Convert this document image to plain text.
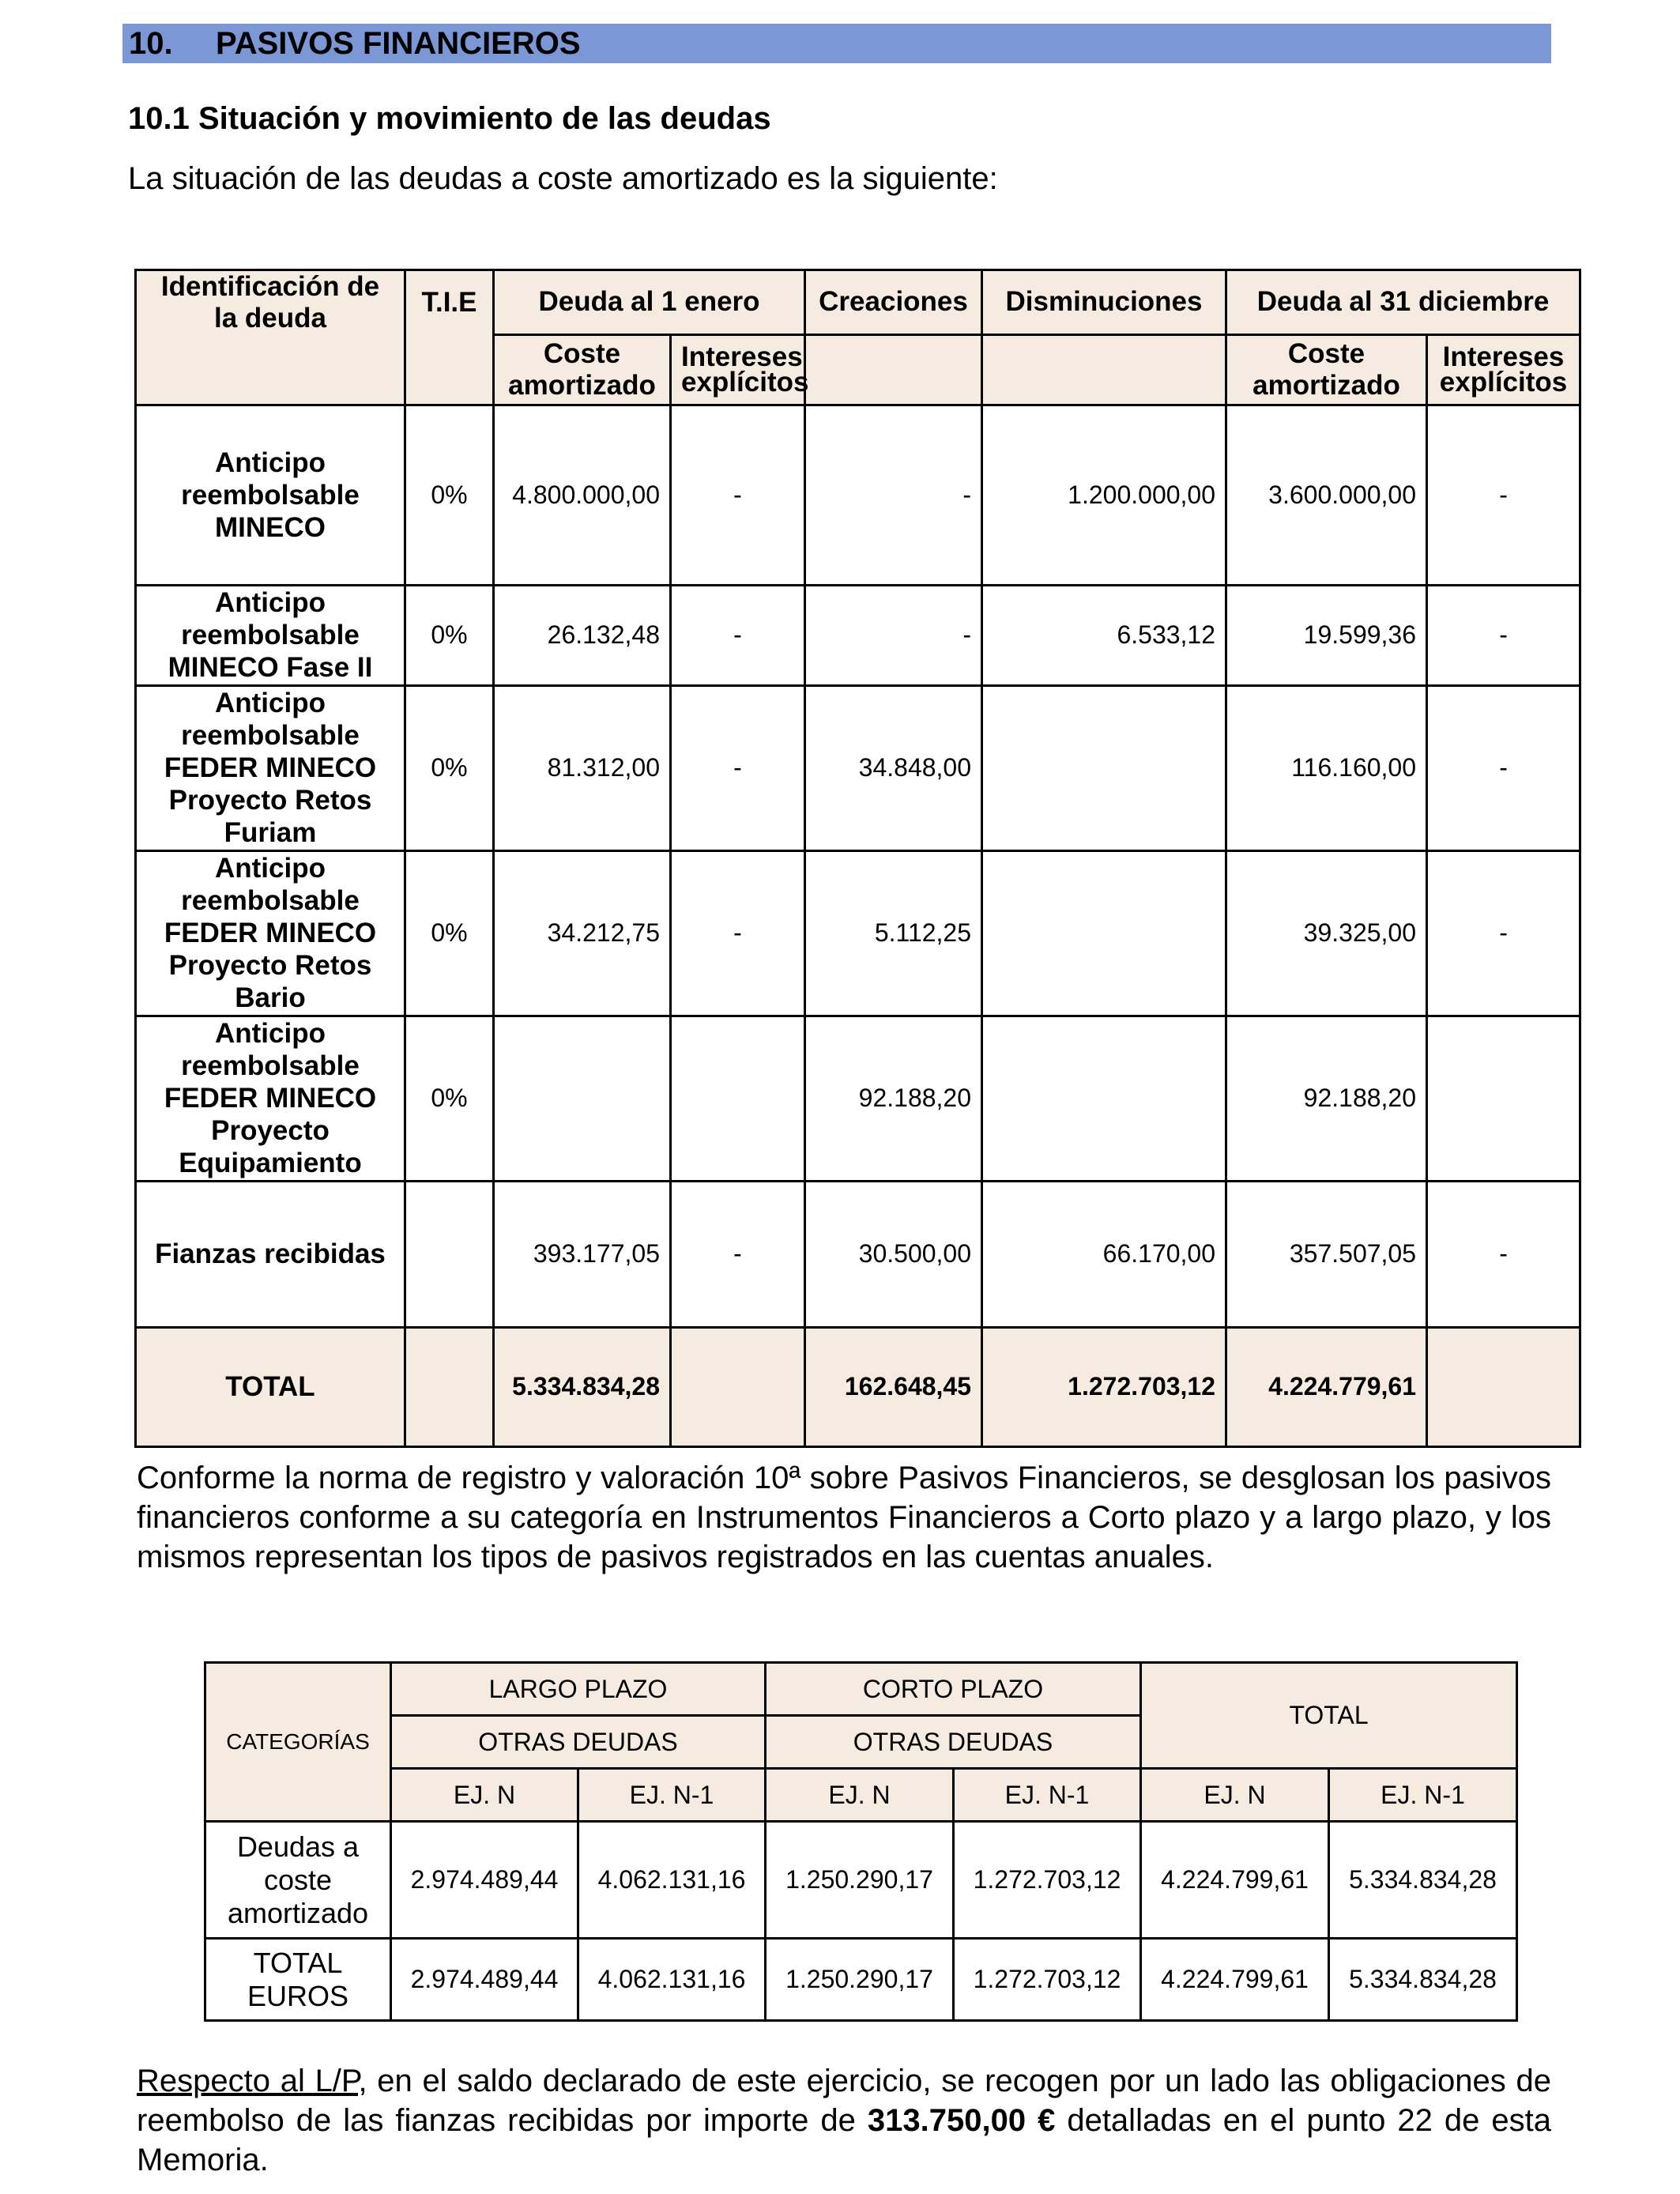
10.	PASIVOS FINANCIEROS
10.1 Situación y movimiento de las deudas
La situación de las deudas a coste amortizado es la siguiente:
Identificación de la deuda	T.I.E	Deuda al 1 enero		Creaciones	Disminuciones	Deuda al 31 diciembre	
		Coste amortizado	Intereses explícitos			Coste amortizado	Intereses explícitos
Anticipo reembolsable MINECO	0%	4.800.000,00	-	-	1.200.000,00	3.600.000,00	-
Anticipo reembolsable MINECO Fase II	0%	26.132,48	-	-	6.533,12	19.599,36	-
Anticipo reembolsable FEDER MINECO Proyecto Retos Furiam	0%	81.312,00	-	34.848,00		116.160,00	-
Anticipo reembolsable FEDER MINECO Proyecto Retos Bario	0%	34.212,75	-	5.112,25		39.325,00	-
Anticipo reembolsable FEDER MINECO Proyecto Equipamiento	0%			92.188,20		92.188,20	
Fianzas recibidas		393.177,05	-	30.500,00	66.170,00	357.507,05	-
TOTAL		5.334.834,28		162.648,45	1.272.703,12	4.224.779,61	
Conforme la norma de registro y valoración 10ª sobre Pasivos Financieros, se desglosan los pasivos financieros conforme a su categoría en Instrumentos Financieros a Corto plazo y a largo plazo, y los mismos representan los tipos de pasivos registrados en las cuentas anuales.
CATEGORÍAS	LARGO PLAZO		CORTO PLAZO		TOTAL	
	OTRAS DEUDAS		OTRAS DEUDAS			
	EJ. N	EJ. N-1	EJ. N	EJ. N-1	EJ. N	EJ. N-1
Deudas a coste amortizado	2.974.489,44	4.062.131,16	1.250.290,17	1.272.703,12	4.224.799,61	5.334.834,28
TOTAL EUROS	2.974.489,44	4.062.131,16	1.250.290,17	1.272.703,12	4.224.799,61	5.334.834,28
Respecto al L/P, en el saldo declarado de este ejercicio, se recogen por un lado las obligaciones de reembolso de las fianzas recibidas por importe de 313.750,00 € detalladas en el punto 22 de esta Memoria.
